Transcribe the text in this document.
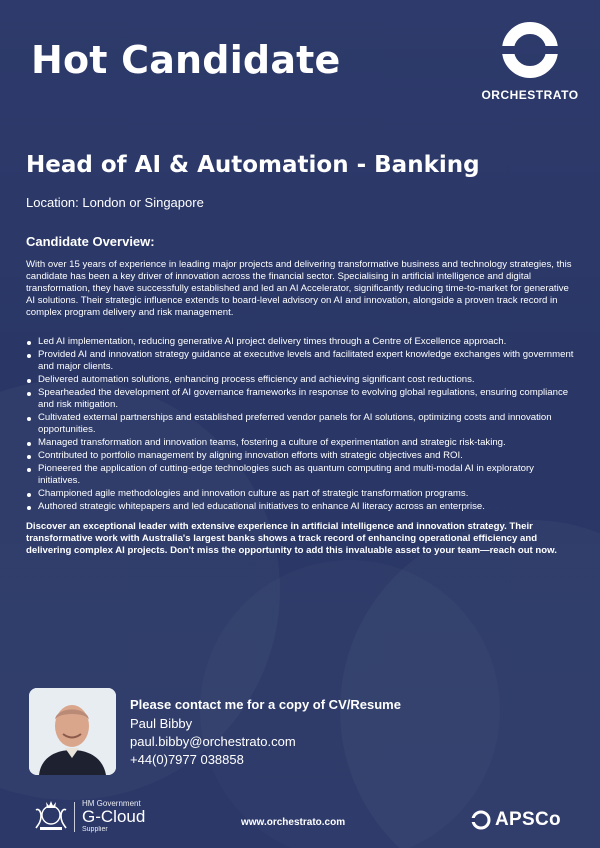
Hot Candidate
ORCHESTRATO
Head of AI & Automation - Banking
Location: London or Singapore
Candidate Overview:

With over 15 years of experience in leading major projects and delivering transformative business and technology strategies, this candidate has been a key driver of innovation across the financial sector. Specialising in artificial intelligence and digital transformation, they have successfully established and led an AI Accelerator, significantly reducing time-to-market for generative AI solutions. Their strategic influence extends to board-level advisory on AI and innovation, alongside a proven track record in complex program delivery and risk management.

Led AI implementation, reducing generative AI project delivery times through a Centre of Excellence approach.
Provided AI and innovation strategy guidance at executive levels and facilitated expert knowledge exchanges with government and major clients.
Delivered automation solutions, enhancing process efficiency and achieving significant cost reductions.
Spearheaded the development of AI governance frameworks in response to evolving global regulations, ensuring compliance and risk mitigation.
Cultivated external partnerships and established preferred vendor panels for AI solutions, optimizing costs and innovation opportunities.
Managed transformation and innovation teams, fostering a culture of experimentation and strategic risk-taking.
Contributed to portfolio management by aligning innovation efforts with strategic objectives and ROI.
Pioneered the application of cutting-edge technologies such as quantum computing and multi-modal AI in exploratory initiatives.
Championed agile methodologies and innovation culture as part of strategic transformation programs.
Authored strategic whitepapers and led educational initiatives to enhance AI literacy across an enterprise.

Discover an exceptional leader with extensive experience in artificial intelligence and innovation strategy. Their transformative work with Australia's largest banks shows a track record of enhancing operational efficiency and delivering complex AI projects. Don't miss the opportunity to add this invaluable asset to your team—reach out now.

Please contact me for a copy of CV/Resume
Paul Bibby
paul.bibby@orchestrato.com
+44(0)7977 038858
HM Government
G-Cloud
Supplier
www.orchestrato.com	APSCo
